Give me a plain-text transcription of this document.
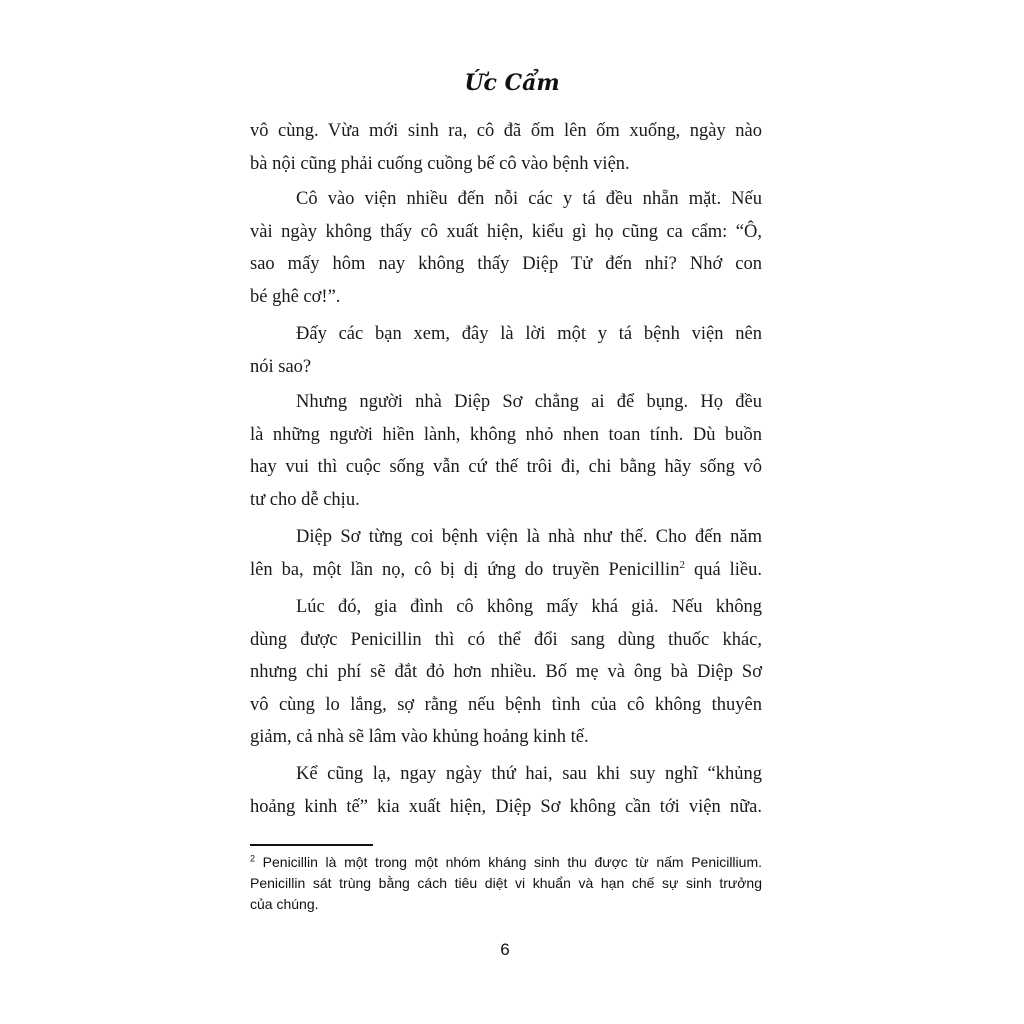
Ức Cẩm

vô cùng. Vừa mới sinh ra, cô đã ốm lên ốm xuống, ngày nào
bà nội cũng phải cuống cuồng bế cô vào bệnh viện.

Cô vào viện nhiều đến nỗi các y tá đều nhẵn mặt. Nếu
vài ngày không thấy cô xuất hiện, kiểu gì họ cũng ca cẩm: “Ô,
sao mấy hôm nay không thấy Diệp Tử đến nhỉ? Nhớ con
bé ghê cơ!”.

Đấy các bạn xem, đây là lời một y tá bệnh viện nên
nói sao?

Nhưng người nhà Diệp Sơ chẳng ai để bụng. Họ đều
là những người hiền lành, không nhỏ nhen toan tính. Dù buồn
hay vui thì cuộc sống vẫn cứ thế trôi đi, chi bằng hãy sống vô
tư cho dễ chịu.

Diệp Sơ từng coi bệnh viện là nhà như thế. Cho đến năm
lên ba, một lần nọ, cô bị dị ứng do truyền Penicillin$^2$ quá liều.

Lúc đó, gia đình cô không mấy khá giả. Nếu không
dùng được Penicillin thì có thể đổi sang dùng thuốc khác,
nhưng chi phí sẽ đắt đỏ hơn nhiều. Bố mẹ và ông bà Diệp Sơ
vô cùng lo lắng, sợ rằng nếu bệnh tình của cô không thuyên
giảm, cả nhà sẽ lâm vào khủng hoảng kinh tế.

Kể cũng lạ, ngay ngày thứ hai, sau khi suy nghĩ “khủng
hoảng kinh tế” kia xuất hiện, Diệp Sơ không cần tới viện nữa.

$^2$ Penicillin là một trong một nhóm kháng sinh thu được từ nấm Penicillium.
Penicillin sát trùng bằng cách tiêu diệt vi khuẩn và hạn chế sự sinh trưởng
của chúng.

6
